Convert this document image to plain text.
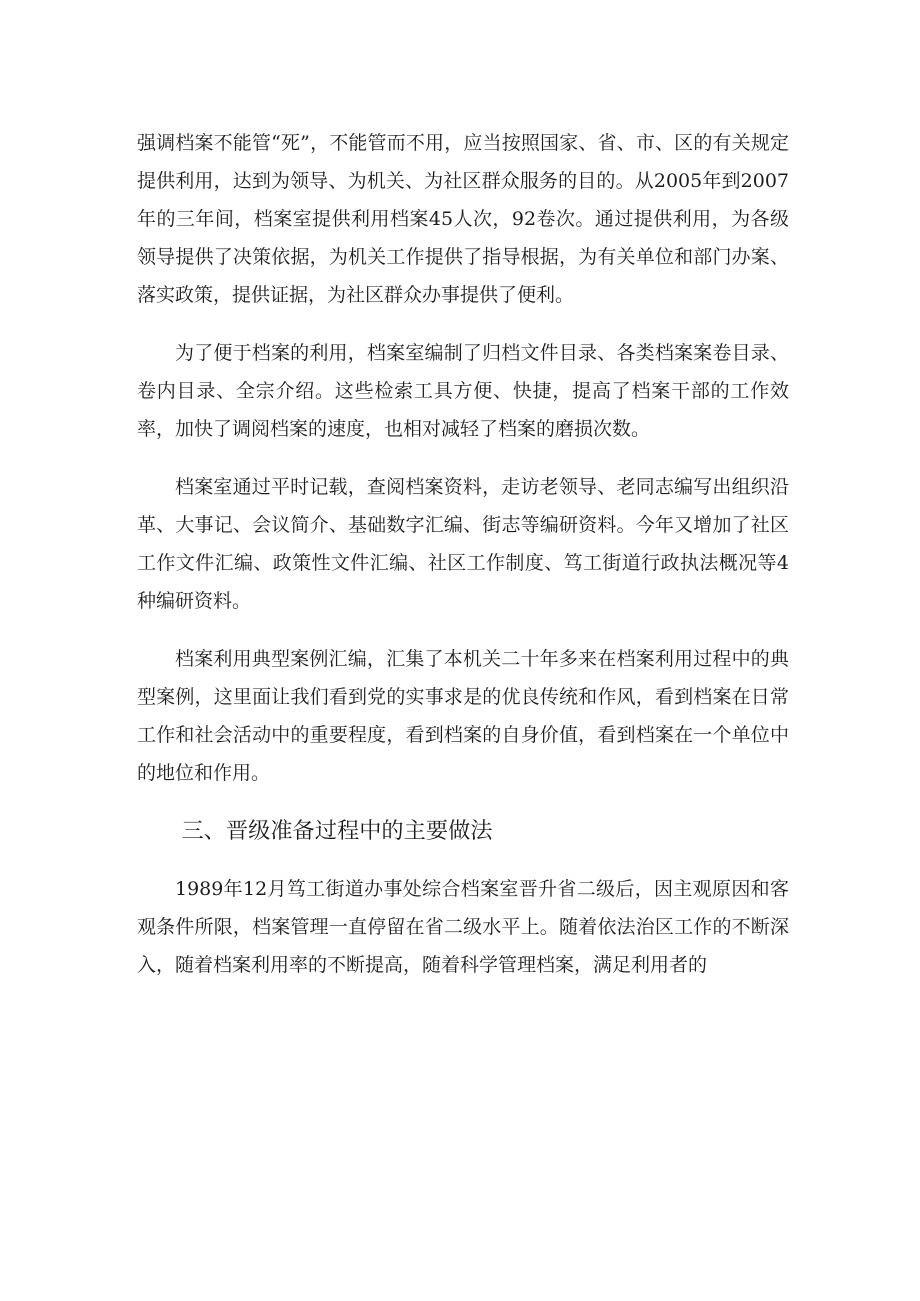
强调档案不能管“死”，不能管而不用，应当按照国家、省、市、区的有关规定提供利用，达到为领导、为机关、为社区群众服务的目的。从2005年到2007年的三年间，档案室提供利用档案45人次，92卷次。通过提供利用，为各级领导提供了决策依据，为机关工作提供了指导根据，为有关单位和部门办案、落实政策，提供证据，为社区群众办事提供了便利。

为了便于档案的利用，档案室编制了归档文件目录、各类档案案卷目录、卷内目录、全宗介绍。这些检索工具方便、快捷，提高了档案干部的工作效率，加快了调阅档案的速度，也相对减轻了档案的磨损次数。

档案室通过平时记载，查阅档案资料，走访老领导、老同志编写出组织沿革、大事记、会议简介、基础数字汇编、街志等编研资料。今年又增加了社区工作文件汇编、政策性文件汇编、社区工作制度、笃工街道行政执法概况等4种编研资料。

档案利用典型案例汇编，汇集了本机关二十年多来在档案利用过程中的典型案例，这里面让我们看到党的实事求是的优良传统和作风，看到档案在日常工作和社会活动中的重要程度，看到档案的自身价值，看到档案在一个单位中的地位和作用。

三、晋级准备过程中的主要做法

1989年12月笃工街道办事处综合档案室晋升省二级后，因主观原因和客观条件所限，档案管理一直停留在省二级水平上。随着依法治区工作的不断深入，随着档案利用率的不断提高，随着科学管理档案，满足利用者的
